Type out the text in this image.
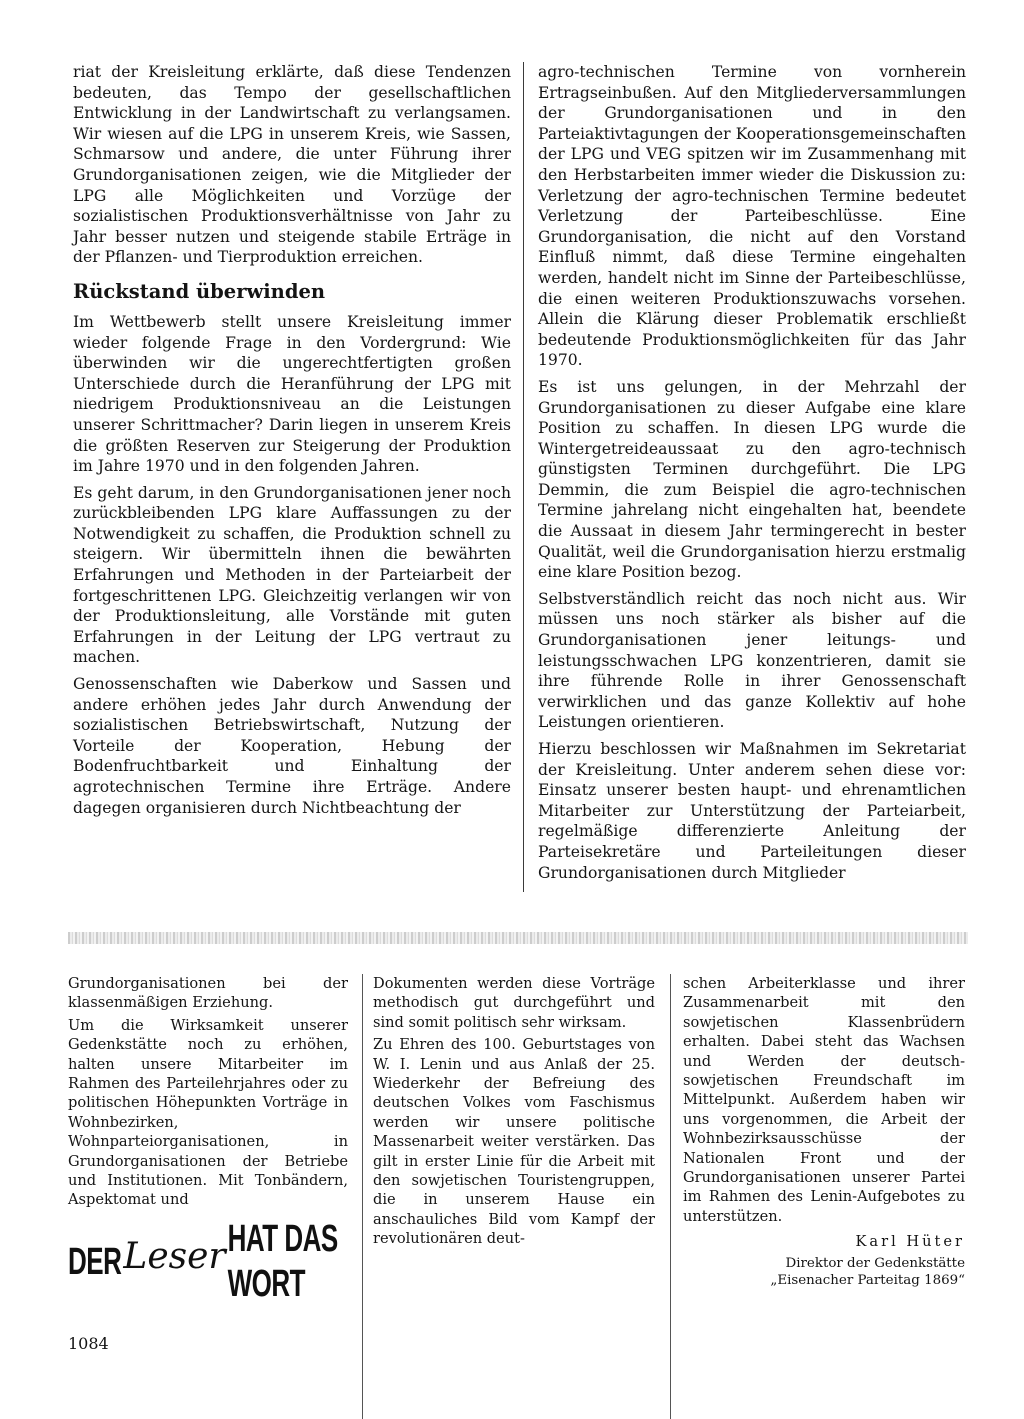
riat der Kreisleitung erklärte, daß diese Tendenzen bedeuten, das Tempo der gesellschaftlichen Entwicklung in der Landwirtschaft zu verlangsamen. Wir wiesen auf die LPG in unserem Kreis, wie Sassen, Schmarsow und andere, die unter Führung ihrer Grundorganisationen zeigen, wie die Mitglieder der LPG alle Möglichkeiten und Vorzüge der sozialistischen Produktionsverhältnisse von Jahr zu Jahr besser nutzen und steigende stabile Erträge in der Pflanzen- und Tierproduktion erreichen.

Rückstand überwinden

Im Wettbewerb stellt unsere Kreisleitung immer wieder folgende Frage in den Vordergrund: Wie überwinden wir die ungerechtfertigten großen Unterschiede durch die Heranführung der LPG mit niedrigem Produktionsniveau an die Leistungen unserer Schrittmacher? Darin liegen in unserem Kreis die größten Reserven zur Steigerung der Produktion im Jahre 1970 und in den folgenden Jahren.

Es geht darum, in den Grundorganisationen jener noch zurückbleibenden LPG klare Auffassungen zu der Notwendigkeit zu schaffen, die Produktion schnell zu steigern. Wir übermitteln ihnen die bewährten Erfahrungen und Methoden in der Parteiarbeit der fortgeschrittenen LPG. Gleichzeitig verlangen wir von der Produktionsleitung, alle Vorstände mit guten Erfahrungen in der Leitung der LPG vertraut zu machen.

Genossenschaften wie Daberkow und Sassen und andere erhöhen jedes Jahr durch Anwendung der sozialistischen Betriebswirtschaft, Nutzung der Vorteile der Kooperation, Hebung der Bodenfruchtbarkeit und Einhaltung der agrotechnischen Termine ihre Erträge. Andere dagegen organisieren durch Nichtbeachtung der

agro-technischen Termine von vornherein Ertragseinbußen. Auf den Mitgliederversammlungen der Grundorganisationen und in den Parteiaktivtagungen der Kooperationsgemeinschaften der LPG und VEG spitzen wir im Zusammenhang mit den Herbstarbeiten immer wieder die Diskussion zu: Verletzung der agro-technischen Termine bedeutet Verletzung der Parteibeschlüsse. Eine Grundorganisation, die nicht auf den Vorstand Einfluß nimmt, daß diese Termine eingehalten werden, handelt nicht im Sinne der Parteibeschlüsse, die einen weiteren Produktionszuwachs vorsehen. Allein die Klärung dieser Problematik erschließt bedeutende Produktionsmöglichkeiten für das Jahr 1970.

Es ist uns gelungen, in der Mehrzahl der Grundorganisationen zu dieser Aufgabe eine klare Position zu schaffen. In diesen LPG wurde die Wintergetreideaussaat zu den agro-technisch günstigsten Terminen durchgeführt. Die LPG Demmin, die zum Beispiel die agro-technischen Termine jahrelang nicht eingehalten hat, beendete die Aussaat in diesem Jahr termingerecht in bester Qualität, weil die Grundorganisation hierzu erstmalig eine klare Position bezog.

Selbstverständlich reicht das noch nicht aus. Wir müssen uns noch stärker als bisher auf die Grundorganisationen jener leitungs- und leistungsschwachen LPG konzentrieren, damit sie ihre führende Rolle in ihrer Genossenschaft verwirklichen und das ganze Kollektiv auf hohe Leistungen orientieren.

Hierzu beschlossen wir Maßnahmen im Sekretariat der Kreisleitung. Unter anderem sehen diese vor: Einsatz unserer besten haupt- und ehrenamtlichen Mitarbeiter zur Unterstützung der Parteiarbeit, regelmäßige differenzierte Anleitung der Parteisekretäre und Parteileitungen dieser Grundorganisationen durch Mitglieder

Grundorganisationen bei der klassenmäßigen Erziehung.

Um die Wirksamkeit unserer Gedenkstätte noch zu erhöhen, halten unsere Mitarbeiter im Rahmen des Parteilehrjahres oder zu politischen Höhepunkten Vorträge in Wohnbezirken, Wohnparteiorganisationen, in Grundorganisationen der Betriebe und Institutionen. Mit Tonbändern, Aspektomat und

Dokumenten werden diese Vorträge methodisch gut durchgeführt und sind somit politisch sehr wirksam.

Zu Ehren des 100. Geburtstages von W. I. Lenin und aus Anlaß der 25. Wiederkehr der Befreiung des deutschen Volkes vom Faschismus werden wir unsere politische Massenarbeit weiter verstärken. Das gilt in erster Linie für die Arbeit mit den sowjetischen Touristengruppen, die in unserem Hause ein anschauliches Bild vom Kampf der revolutionären deut-

schen Arbeiterklasse und ihrer Zusammenarbeit mit den sowjetischen Klassenbrüdern erhalten. Dabei steht das Wachsen und Werden der deutsch-sowjetischen Freundschaft im Mittelpunkt. Außerdem haben wir uns vorgenommen, die Arbeit der Wohnbezirksausschüsse der Nationalen Front und der Grundorganisationen unserer Partei im Rahmen des Lenin-Aufgebotes zu unterstützen.

Karl Hüter

Direktor der Gedenkstätte

„Eisenacher Parteitag 1869“

DER Leser HAT DAS WORT
1084
